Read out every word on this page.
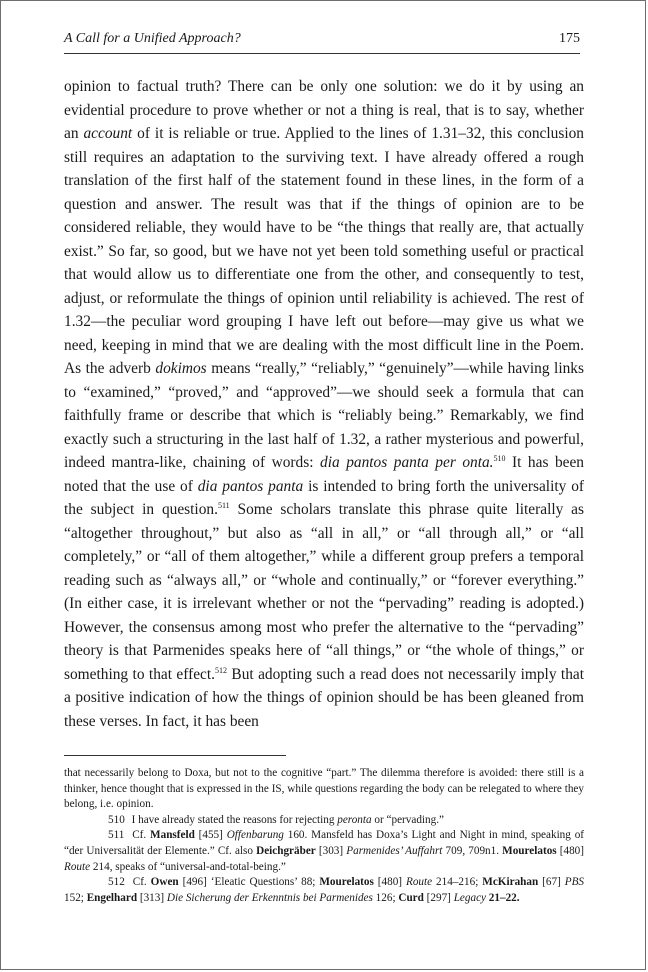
A Call for a Unified Approach?	175

opinion to factual truth? There can be only one solution: we do it by using an evidential procedure to prove whether or not a thing is real, that is to say, whether an account of it is reliable or true. Applied to the lines of 1.31–32, this conclusion still requires an adaptation to the surviving text. I have already offered a rough translation of the first half of the statement found in these lines, in the form of a question and answer. The result was that if the things of opinion are to be considered reliable, they would have to be “the things that really are, that actually exist.” So far, so good, but we have not yet been told something useful or practical that would allow us to differentiate one from the other, and consequently to test, adjust, or reformulate the things of opinion until reliability is achieved. The rest of 1.32—the peculiar word grouping I have left out before—may give us what we need, keeping in mind that we are dealing with the most difficult line in the Poem. As the adverb dokimos means “really,” “reliably,” “genuinely”—while having links to “examined,” “proved,” and “approved”—we should seek a formula that can faithfully frame or describe that which is “reliably being.” Remarkably, we find exactly such a structuring in the last half of 1.32, a rather mysterious and powerful, indeed mantra-like, chaining of words: dia pantos panta per onta.$^{510}$ It has been noted that the use of dia pantos panta is intended to bring forth the universality of the subject in question.$^{511}$ Some scholars translate this phrase quite literally as “altogether throughout,” but also as “all in all,” or “all through all,” or “all completely,” or “all of them altogether,” while a different group prefers a temporal reading such as “always all,” or “whole and continually,” or “forever everything.” (In either case, it is irrelevant whether or not the “pervading” reading is adopted.) However, the consensus among most who prefer the alternative to the “pervading” theory is that Parmenides speaks here of “all things,” or “the whole of things,” or something to that effect.$^{512}$ But adopting such a read does not necessarily imply that a positive indication of how the things of opinion should be has been gleaned from these verses. In fact, it has been

that necessarily belong to Doxa, but not to the cognitive “part.” The dilemma therefore is avoided: there still is a thinker, hence thought that is expressed in the IS, while questions regarding the body can be relegated to where they belong, i.e. opinion.

510 I have already stated the reasons for rejecting peronta or “pervading.”

511 Cf. Mansfeld [455] Offenbarung 160. Mansfeld has Doxa’s Light and Night in mind, speaking of “der Universalität der Elemente.” Cf. also Deichgräber [303] Parmenides’ Auffahrt 709, 709n1. Mourelatos [480] Route 214, speaks of “universal-and-total-being.”

512 Cf. Owen [496] ‘Eleatic Questions’ 88; Mourelatos [480] Route 214–216; McKirahan [67] PBS 152; Engelhard [313] Die Sicherung der Erkenntnis bei Parmenides 126; Curd [297] Legacy 21–22.
